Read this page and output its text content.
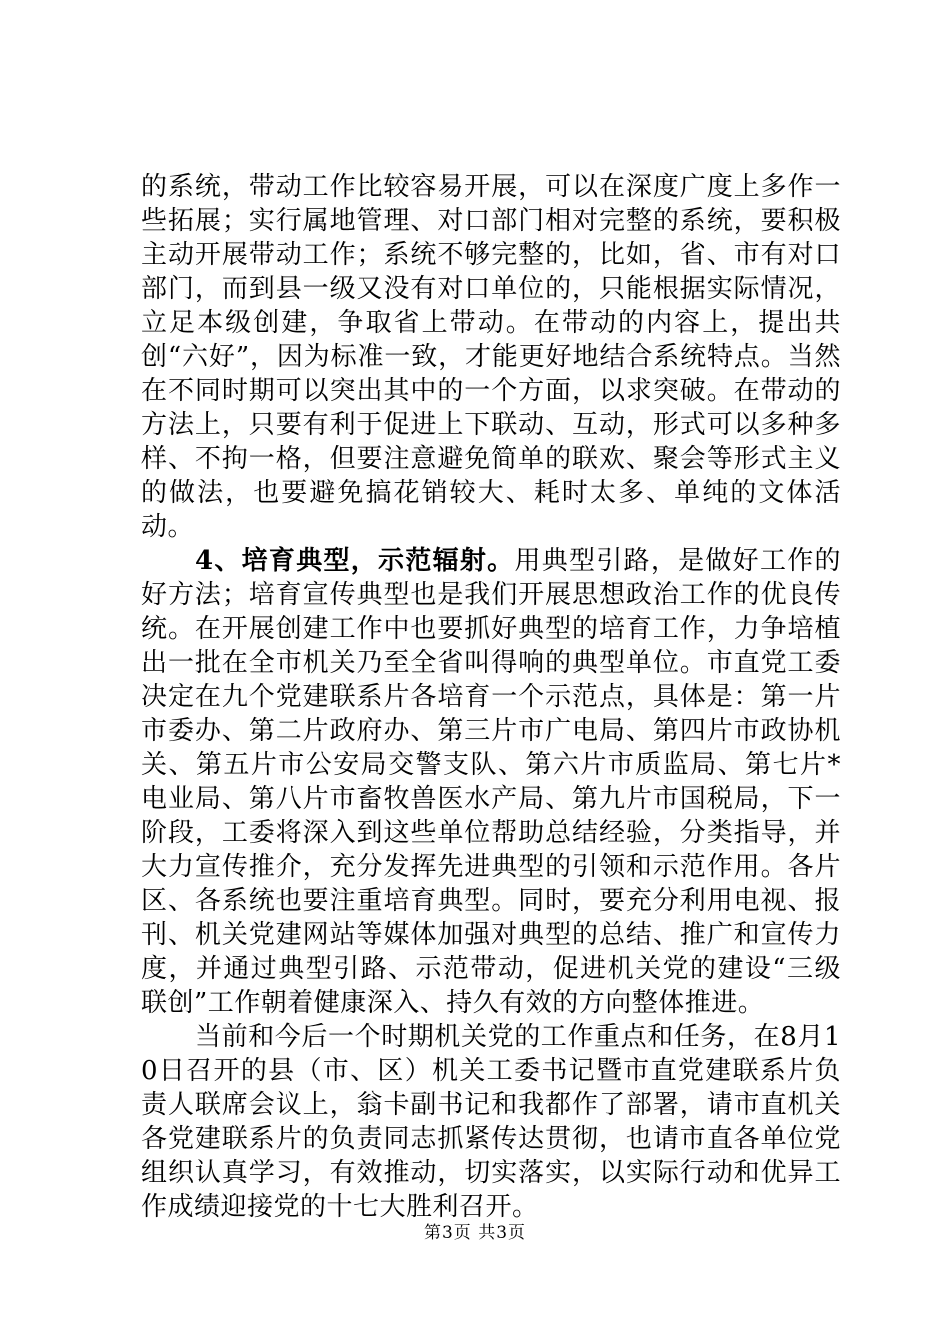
的系统，带动工作比较容易开展，可以在深度广度上多作一些拓展；实行属地管理、对口部门相对完整的系统，要积极主动开展带动工作；系统不够完整的，比如，省、市有对口部门，而到县一级又没有对口单位的，只能根据实际情况，立足本级创建，争取省上带动。在带动的内容上，提出共创“六好”，因为标准一致，才能更好地结合系统特点。当然在不同时期可以突出其中的一个方面，以求突破。在带动的方法上，只要有利于促进上下联动、互动，形式可以多种多样、不拘一格，但要注意避免简单的联欢、聚会等形式主义的做法，也要避免搞花销较大、耗时太多、单纯的文体活动。

4、培育典型，示范辐射。用典型引路，是做好工作的好方法；培育宣传典型也是我们开展思想政治工作的优良传统。在开展创建工作中也要抓好典型的培育工作，力争培植出一批在全市机关乃至全省叫得响的典型单位。市直党工委决定在九个党建联系片各培育一个示范点，具体是：第一片市委办、第二片政府办、第三片市广电局、第四片市政协机关、第五片市公安局交警支队、第六片市质监局、第七片*电业局、第八片市畜牧兽医水产局、第九片市国税局，下一阶段，工委将深入到这些单位帮助总结经验，分类指导，并大力宣传推介，充分发挥先进典型的引领和示范作用。各片区、各系统也要注重培育典型。同时，要充分利用电视、报刊、机关党建网站等媒体加强对典型的总结、推广和宣传力度，并通过典型引路、示范带动，促进机关党的建设“三级联创”工作朝着健康深入、持久有效的方向整体推进。

当前和今后一个时期机关党的工作重点和任务，在8月10日召开的县（市、区）机关工委书记暨市直党建联系片负责人联席会议上，翁卡副书记和我都作了部署，请市直机关各党建联系片的负责同志抓紧传达贯彻，也请市直各单位党组织认真学习，有效推动，切实落实，以实际行动和优异工作成绩迎接党的十七大胜利召开。

第3页 共3页
